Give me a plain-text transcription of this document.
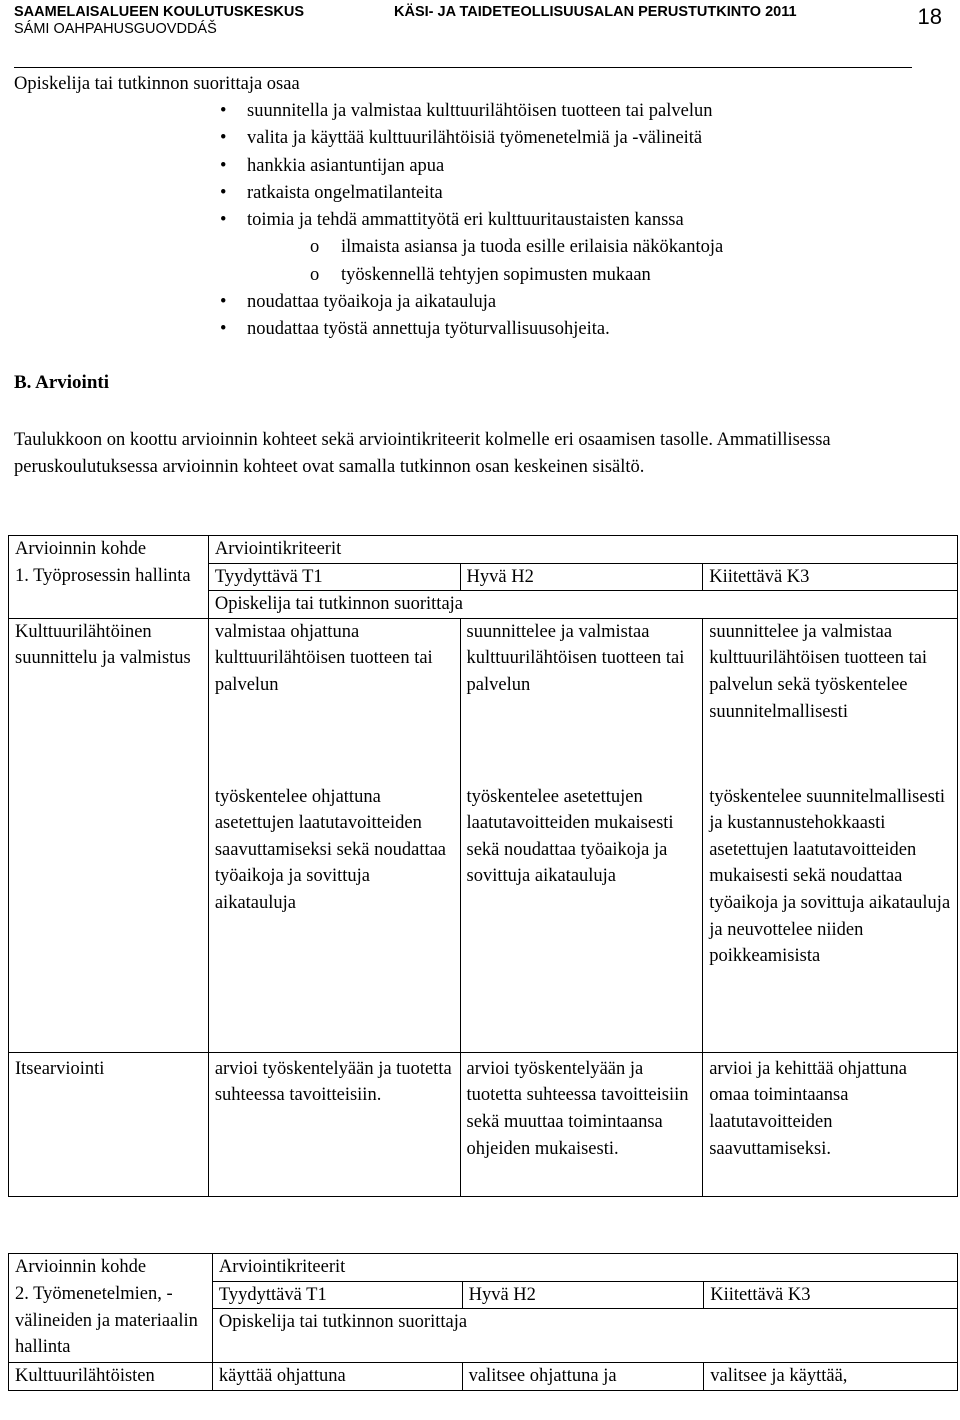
SAAMELAISALUEEN KOULUTUSKESKUS
SÁMI OAHPAHUSGUOVDDÁŠ
KÄSI- JA TAIDETEOLLISUUSALAN PERUSTUTKINTO 2011	18
Opiskelija tai tutkinnon suorittaja osaa
• suunnitella ja valmistaa kulttuurilähtöisen tuotteen tai palvelun
• valita ja käyttää kulttuurilähtöisiä työmenetelmiä ja -välineitä
• hankkia asiantuntijan apua
• ratkaista ongelmatilanteita
• toimia ja tehdä ammattityötä eri kulttuuritaustaisten kanssa
o ilmaista asiansa ja tuoda esille erilaisia näkökantoja
o työskennellä tehtyjen sopimusten mukaan
• noudattaa työaikoja ja aikatauluja
• noudattaa työstä annettuja työturvallisuusohjeita.
B. Arviointi
Taulukkoon on koottu arvioinnin kohteet sekä arviointikriteerit kolmelle eri osaamisen tasolle. Ammatillisessa peruskoulutuksessa arvioinnin kohteet ovat samalla tutkinnon osan keskeinen sisältö.
Arvioinnin kohde	Arviointikriteerit		
1. Työprosessin hallinta	Tyydyttävä T1	Hyvä H2	Kiitettävä K3
	Opiskelija tai tutkinnon suorittaja		
Kulttuurilähtöinen suunnittelu ja valmistus	valmistaa ohjattuna kulttuurilähtöisen tuotteen tai palvelun	suunnittelee ja valmistaa kulttuurilähtöisen tuotteen tai palvelun	suunnittelee ja valmistaa kulttuurilähtöisen tuotteen tai palvelun sekä työskentelee suunnitelmallisesti
	työskentelee ohjattuna asetettujen laatutavoitteiden saavuttamiseksi sekä noudattaa työaikoja ja sovittuja aikatauluja	työskentelee asetettujen laatutavoitteiden mukaisesti sekä noudattaa työaikoja ja sovittuja aikatauluja	työskentelee suunnitelmallisesti ja kustannustehokkaasti asetettujen laatutavoitteiden mukaisesti sekä noudattaa työaikoja ja sovittuja aikatauluja ja neuvottelee niiden poikkeamisista
Itsearviointi	arvioi työskentelyään ja tuotetta suhteessa tavoitteisiin.	arvioi työskentelyään ja tuotetta suhteessa tavoitteisiin sekä muuttaa toimintaansa ohjeiden mukaisesti.	arvioi ja kehittää ohjattuna omaa toimintaansa laatutavoitteiden saavuttamiseksi.
Arvioinnin kohde	Arviointikriteerit		
2. Työmenetelmien, -välineiden ja materiaalin hallinta	Tyydyttävä T1	Hyvä H2	Kiitettävä K3
	Opiskelija tai tutkinnon suorittaja		
Kulttuurilähtöisten	käyttää ohjattuna	valitsee ohjattuna ja	valitsee ja käyttää,
